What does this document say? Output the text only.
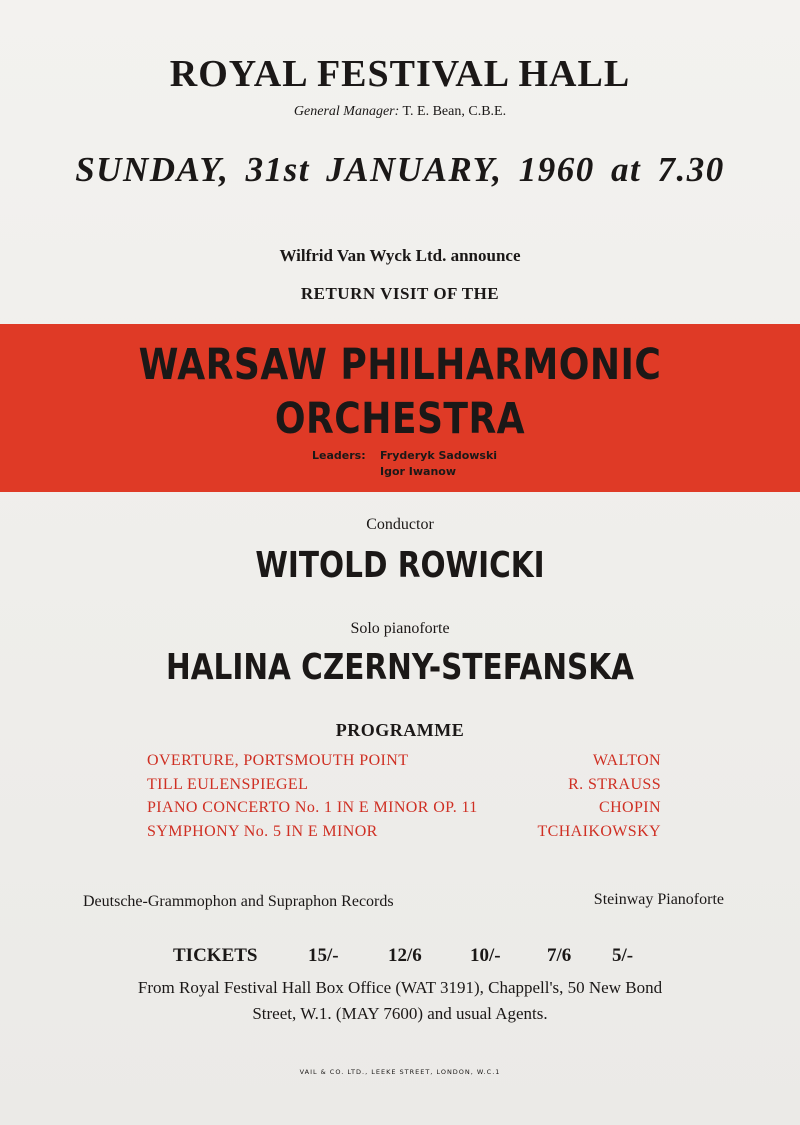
ROYAL FESTIVAL HALL
General Manager: T. E. Bean, C.B.E.
SUNDAY, 31st JANUARY, 1960 at 7.30
Wilfrid Van Wyck Ltd. announce
RETURN VISIT OF THE
WARSAW PHILHARMONIC
ORCHESTRA
Leaders: Fryderyk Sadowski
Igor Iwanow
Conductor
WITOLD ROWICKI
Solo pianoforte
HALINA CZERNY-STEFANSKA
PROGRAMME
OVERTURE, PORTSMOUTH POINT	WALTON
TILL EULENSPIEGEL	R. STRAUSS
PIANO CONCERTO No. 1 IN E MINOR OP. 11	CHOPIN
SYMPHONY No. 5 IN E MINOR	TCHAIKOWSKY
Deutsche-Grammophon and Supraphon Records	Steinway Pianoforte
TICKETS	15/-	12/6	10/- 7/6 5/-
From Royal Festival Hall Box Office (WAT 3191), Chappell's, 50 New Bond
Street, W.1. (MAY 7600) and usual Agents.
VAIL & CO. LTD., LEEKE STREET, LONDON, W.C.1
